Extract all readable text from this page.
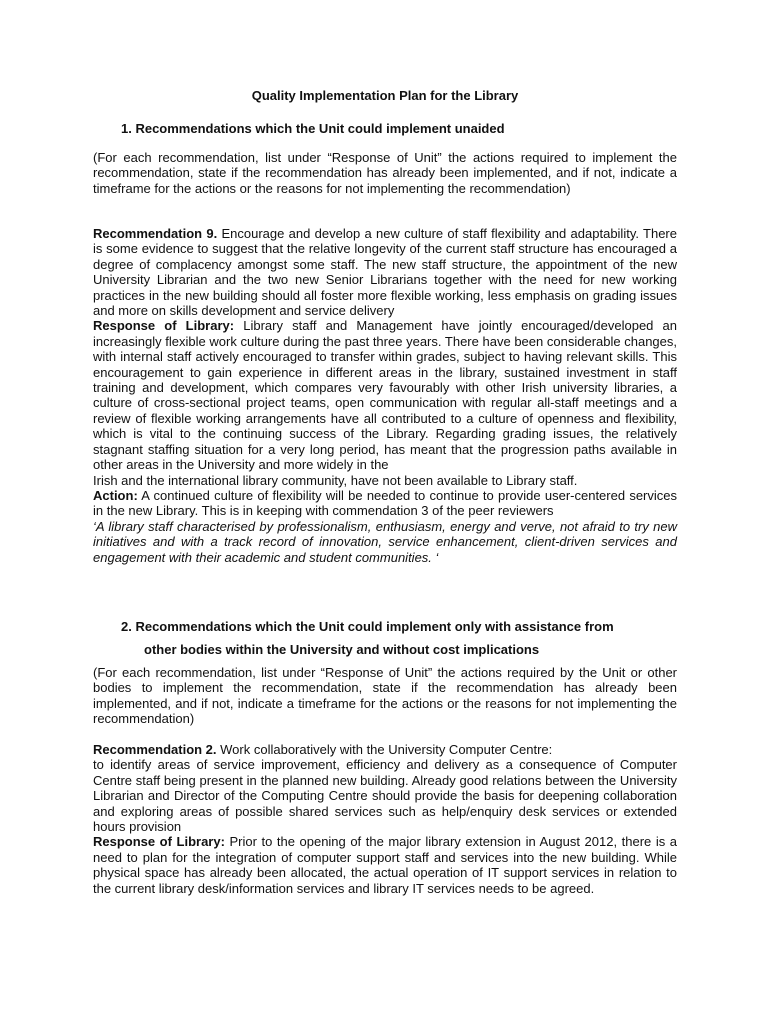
Quality Implementation Plan for the Library
1. Recommendations which the Unit could implement unaided

(For each recommendation, list under “Response of Unit” the actions required to implement the recommendation, state if the recommendation has already been implemented, and if not, indicate a timeframe for the actions or the reasons for not implementing the recommendation)

Recommendation 9. Encourage and develop a new culture of staff flexibility and adaptability. There is some evidence to suggest that the relative longevity of the current staff structure has encouraged a degree of complacency amongst some staff. The new staff structure, the appointment of the new University Librarian and the two new Senior Librarians together with the need for new working practices in the new building should all foster more flexible working, less emphasis on grading issues and more on skills development and service delivery
Response of Library: Library staff and Management have jointly encouraged/developed an increasingly flexible work culture during the past three years. There have been considerable changes, with internal staff actively encouraged to transfer within grades, subject to having relevant skills. This encouragement to gain experience in different areas in the library, sustained investment in staff training and development, which compares very favourably with other Irish university libraries, a culture of cross-sectional project teams, open communication with regular all-staff meetings and a review of flexible working arrangements have all contributed to a culture of openness and flexibility, which is vital to the continuing success of the Library. Regarding grading issues, the relatively stagnant staffing situation for a very long period, has meant that the progression paths available in other areas in the University and more widely in the
Irish and the international library community, have not been available to Library staff.
Action: A continued culture of flexibility will be needed to continue to provide user-centered services in the new Library. This is in keeping with commendation 3 of the peer reviewers
‘A library staff characterised by professionalism, enthusiasm, energy and verve, not afraid to try new initiatives and with a track record of innovation, service enhancement, client-driven services and engagement with their academic and student communities. ‘

2. Recommendations which the Unit could implement only with assistance from
other bodies within the University and without cost implications

(For each recommendation, list under “Response of Unit” the actions required by the Unit or other bodies to implement the recommendation, state if the recommendation has already been implemented, and if not, indicate a timeframe for the actions or the reasons for not implementing the recommendation)

Recommendation 2. Work collaboratively with the University Computer Centre:
to identify areas of service improvement, efficiency and delivery as a consequence of Computer Centre staff being present in the planned new building. Already good relations between the University Librarian and Director of the Computing Centre should provide the basis for deepening collaboration and exploring areas of possible shared services such as help/enquiry desk services or extended hours provision
Response of Library: Prior to the opening of the major library extension in August 2012, there is a need to plan for the integration of computer support staff and services into the new building. While physical space has already been allocated, the actual operation of IT support services in relation to the current library desk/information services and library IT services needs to be agreed.
